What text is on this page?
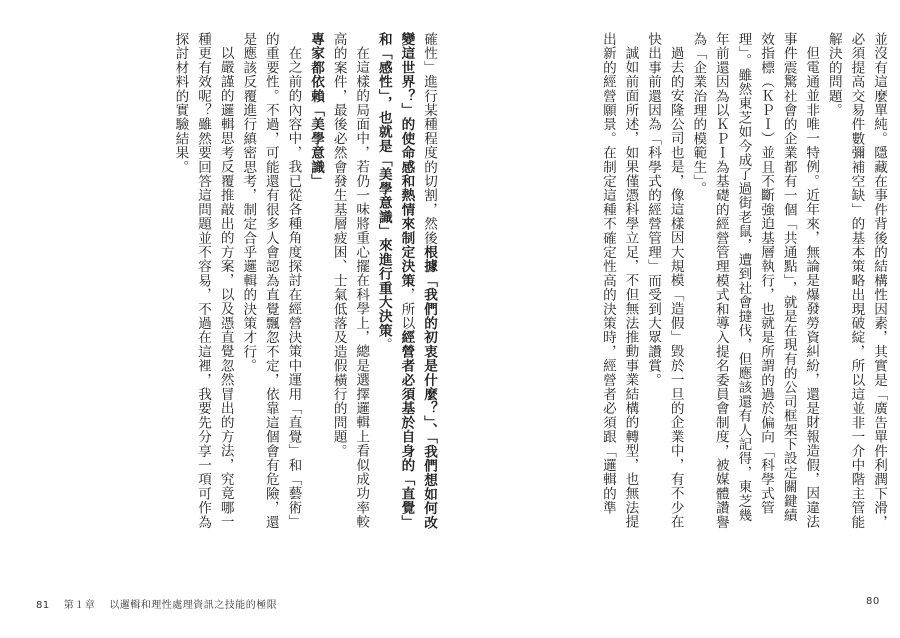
確性」進行某種程度的切割，然後根據「我們的初衷是什麼？」、「我們想如何改變這世界？」的使命感和熱情來制定決策，所以經營者必須基於自身的「直覺」和「感性」，也就是「美學意識」來進行重大決策。

在這樣的局面中，若仍一味將重心擺在科學上，總是選擇邏輯上看似成功率較高的案件，最後必然會發生基層疲困、士氣低落及造假橫行的問題。

專家都依賴「美學意識」

在之前的內容中，我已從各種角度探討在經營決策中運用「直覺」和「藝術」的重要性。不過，可能還有很多人會認為直覺飄忽不定，依靠這個會有危險，還是應該反覆進行縝密思考，制定合乎邏輯的決策才行。

以嚴謹的邏輯思考反覆推敲出的方案，以及憑直覺忽然冒出的方法，究竟哪一種更有效呢？雖然要回答這問題並不容易，不過在這裡，我要先分享一項可作為探討材料的實驗結果。	並沒有這麼單純。隱藏在事件背後的結構性因素，其實是「廣告單件利潤下滑，必須提高交易件數彌補空缺」的基本策略出現破綻，所以這並非一介中階主管能解決的問題。

但電通並非唯一特例。近年來，無論是爆發勞資糾紛，還是財報造假，因違法事件震驚社會的企業都有一個「共通點」，就是在現有的公司框架下設定關鍵績效指標（ＫＰＩ）並且不斷強迫基層執行，也就是所謂的過於偏向「科學式管理」。雖然東芝如今成了過街老鼠，遭到社會撻伐，但應該還有人記得，東芝幾年前還因為以ＫＰＩ為基礎的經營管理模式和導入提名委員會制度，被媒體讚譽為「企業治理的模範生」。

過去的安隆公司也是，像這樣因大規模「造假」毀於一旦的企業中，有不少在快出事前還因為「科學式的經營管理」而受到大眾讚賞。

誠如前面所述，如果僅憑科學立足，不但無法推動事業結構的轉型，也無法提出新的經營願景。在制定這種不確定性高的決策時，經營者必須跟「邏輯的準

81 第１章 以邏輯和理性處理資訊之技能的極限	80
